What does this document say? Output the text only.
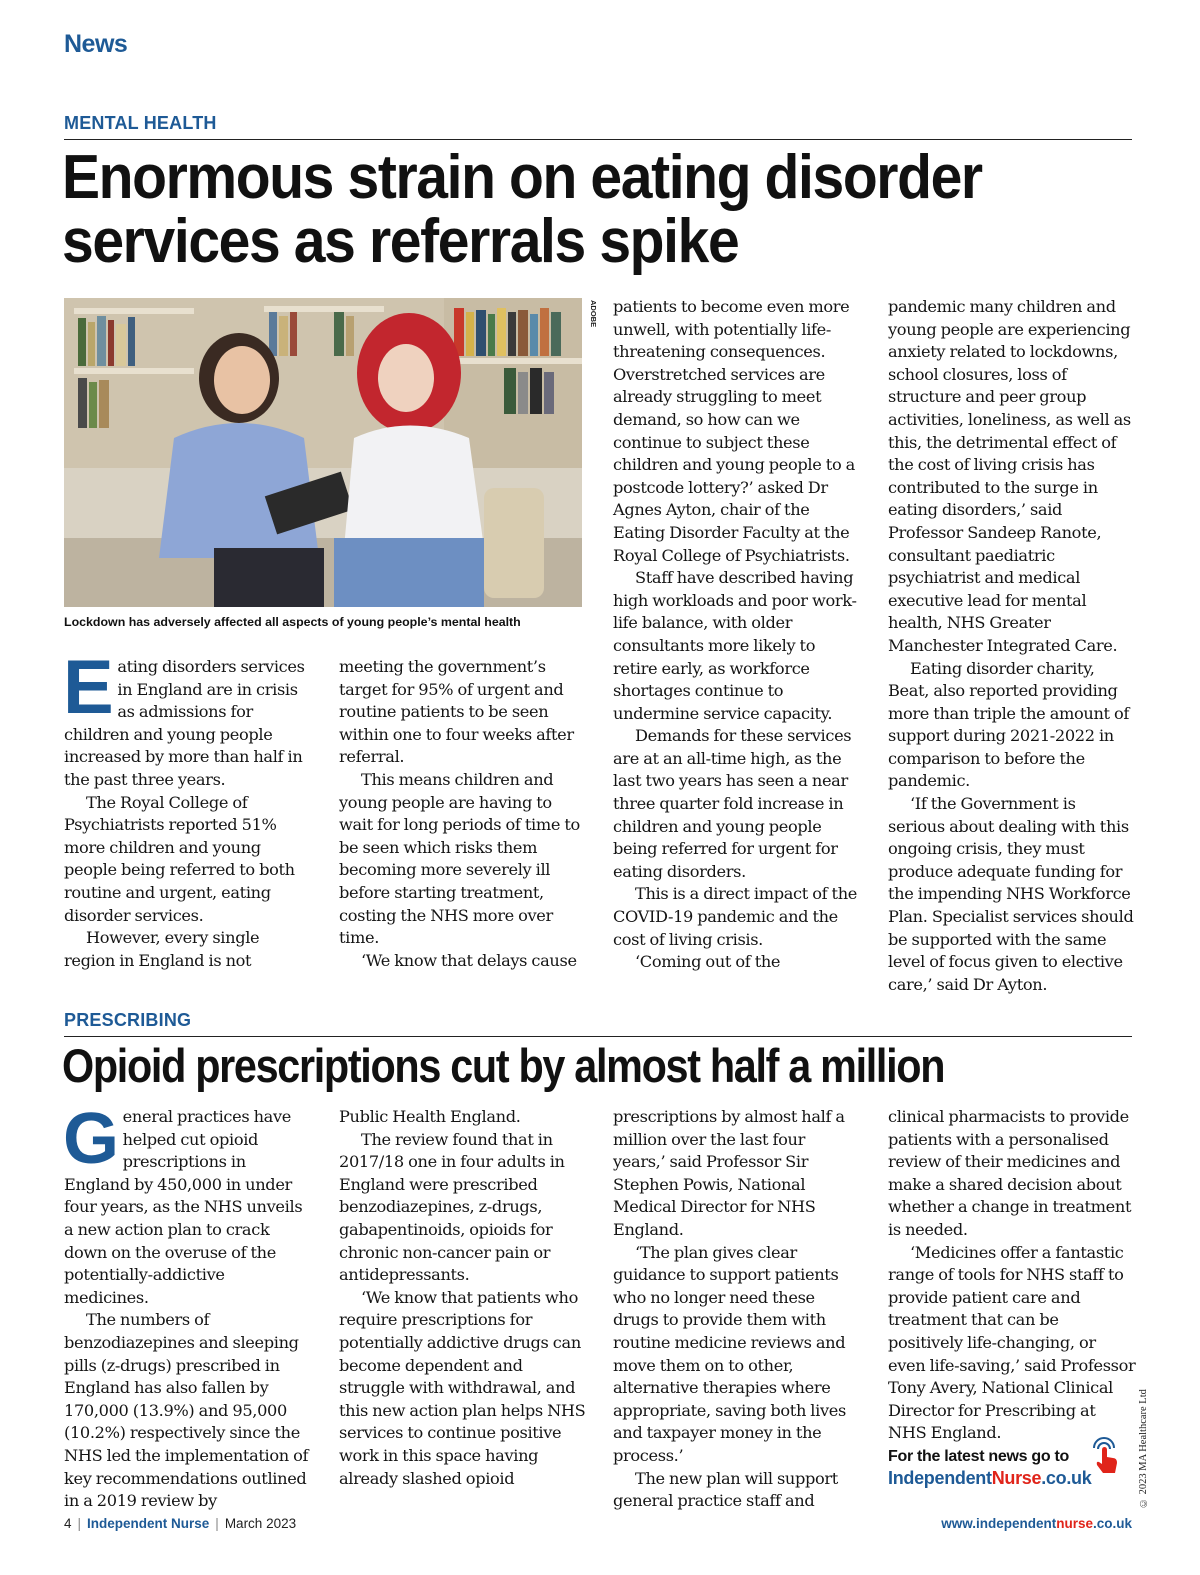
News
MENTAL HEALTH
Enormous strain on eating disorder
services as referrals spike
ADOBE
Lockdown has adversely affected all aspects of young people’s mental health
E ating disorders services in England are in crisis as admissions for children and young people increased by more than half in the past three years.

The Royal College of Psychiatrists reported 51% more children and young people being referred to both routine and urgent, eating disorder services.

However, every single region in England is not

meeting the government’s target for 95% of urgent and routine patients to be seen within one to four weeks after referral.

This means children and young people are having to wait for long periods of time to be seen which risks them becoming more severely ill before starting treatment, costing the NHS more over time.

‘We know that delays cause

patients to become even more unwell, with potentially life-threatening consequences. Overstretched services are already struggling to meet demand, so how can we continue to subject these children and young people to a postcode lottery?’ asked Dr Agnes Ayton, chair of the Eating Disorder Faculty at the Royal College of Psychiatrists.

Staff have described having high workloads and poor work-life balance, with older consultants more likely to retire early, as workforce shortages continue to undermine service capacity.

Demands for these services are at an all-time high, as the last two years has seen a near three quarter fold increase in children and young people being referred for urgent for eating disorders.

This is a direct impact of the COVID-19 pandemic and the cost of living crisis.

‘Coming out of the

pandemic many children and young people are experiencing anxiety related to lockdowns, school closures, loss of structure and peer group activities, loneliness, as well as this, the detrimental effect of the cost of living crisis has contributed to the surge in eating disorders,’ said Professor Sandeep Ranote, consultant paediatric psychiatrist and medical executive lead for mental health, NHS Greater Manchester Integrated Care.

Eating disorder charity, Beat, also reported providing more than triple the amount of support during 2021-2022 in comparison to before the pandemic.

‘If the Government is serious about dealing with this ongoing crisis, they must produce adequate funding for the impending NHS Workforce Plan. Specialist services should be supported with the same level of focus given to elective care,’ said Dr Ayton.

PRESCRIBING
Opioid prescriptions cut by almost half a million
G eneral practices have helped cut opioid prescriptions in England by 450,000 in under four years, as the NHS unveils a new action plan to crack down on the overuse of the potentially-addictive medicines.

The numbers of benzodiazepines and sleeping pills (z-drugs) prescribed in England has also fallen by 170,000 (13.9%) and 95,000 (10.2%) respectively since the NHS led the implementation of key recommendations outlined in a 2019 review by

Public Health England.

The review found that in 2017/18 one in four adults in England were prescribed benzodiazepines, z-drugs, gabapentinoids, opioids for chronic non-cancer pain or antidepressants.

‘We know that patients who require prescriptions for potentially addictive drugs can become dependent and struggle with withdrawal, and this new action plan helps NHS services to continue positive work in this space having already slashed opioid

prescriptions by almost half a million over the last four years,’ said Professor Sir Stephen Powis, National Medical Director for NHS England.

‘The plan gives clear guidance to support patients who no longer need these drugs to provide them with routine medicine reviews and move them on to other, alternative therapies where appropriate, saving both lives and taxpayer money in the process.’

The new plan will support general practice staff and

clinical pharmacists to provide patients with a personalised review of their medicines and make a shared decision about whether a change in treatment is needed.

‘Medicines offer a fantastic range of tools for NHS staff to provide patient care and treatment that can be positively life-changing, or even life-saving,’ said Professor Tony Avery, National Clinical Director for Prescribing at NHS England.

For the latest news go to
IndependentNurse.co.uk	© 2023 MA Healthcare Ltd
4 | Independent Nurse | March 2023	www.independentnurse.co.uk
